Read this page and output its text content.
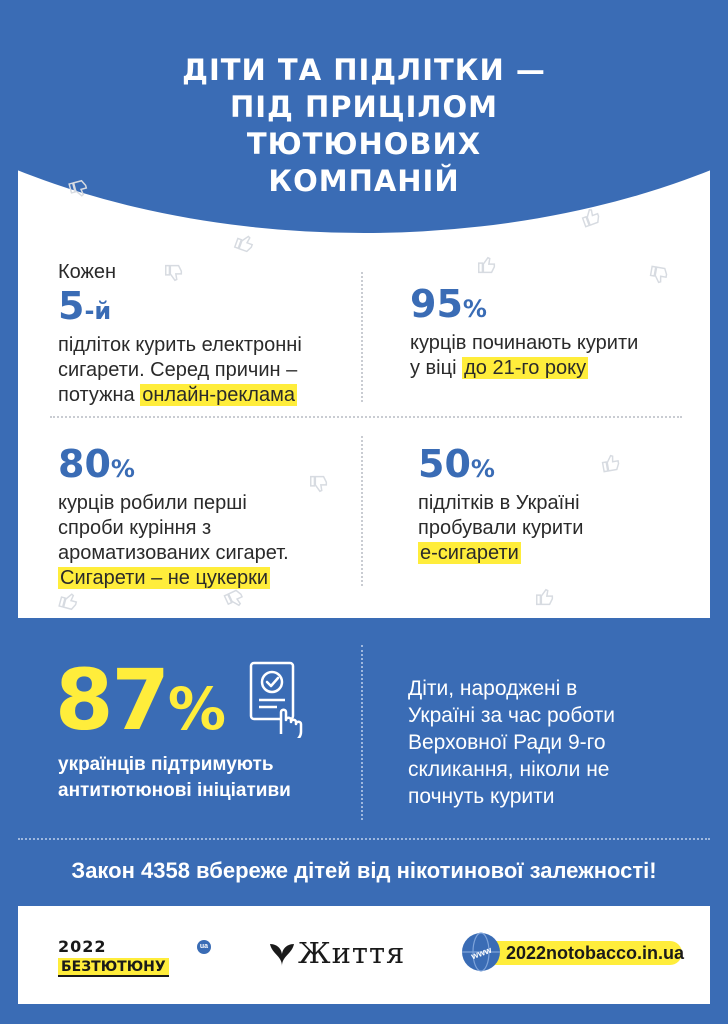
ДІТИ ТА ПІДЛІТКИ —
ПІД ПРИЦІЛОМ
ТЮТЮНОВИХ
КОМПАНІЙ
Кожен
5-й
підліток курить електронні
сигарети. Серед причин –
потужна онлайн-реклама
95%
курців починають курити
у віці до 21-го року
80%
курців робили перші
спроби куріння з
ароматизованих сигарет.
Сигарети – не цукерки
50%
підлітків в Україні
пробували курити
е-сигарети
87%
українців підтримують
антитютюнові ініціативи
Діти, народжені в
Україні за час роботи
Верховної Ради 9-го
скликання, ніколи не
почнуть курити
Закон 4358 вбереже дітей від нікотинової залежності!
2022
БЕЗТЮТЮНУ
ua	Життя	www 2022notobacco.in.ua
